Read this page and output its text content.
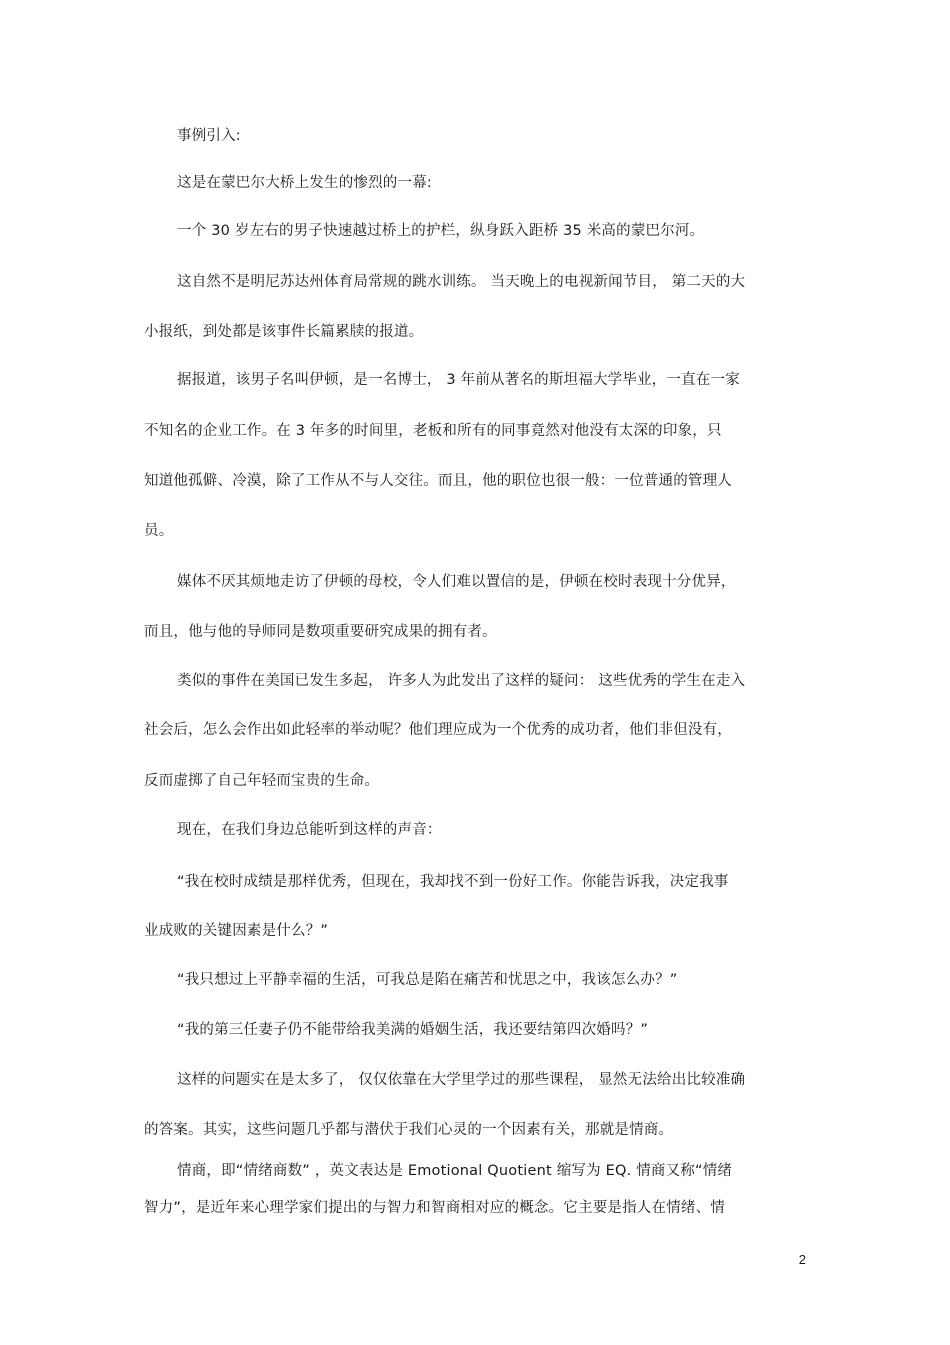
事例引入:
这是在蒙巴尔大桥上发生的惨烈的一幕:
一个 30 岁左右的男子快速越过桥上的护栏，纵身跃入距桥 35 米高的蒙巴尔河。
这自然不是明尼苏达州体育局常规的跳水训练。 当天晚上的电视新闻节目， 第二天的大
小报纸，到处都是该事件长篇累牍的报道。
据报道，该男子名叫伊顿，是一名博士， 3 年前从著名的斯坦福大学毕业，一直在一家
不知名的企业工作。在 3 年多的时间里，老板和所有的同事竟然对他没有太深的印象，只
知道他孤僻、冷漠，除了工作从不与人交往。而且，他的职位也很一般：一位普通的管理人
员。
媒体不厌其烦地走访了伊顿的母校，令人们难以置信的是，伊顿在校时表现十分优异，
而且，他与他的导师同是数项重要研究成果的拥有者。
类似的事件在美国已发生多起， 许多人为此发出了这样的疑问： 这些优秀的学生在走入
社会后，怎么会作出如此轻率的举动呢？他们理应成为一个优秀的成功者，他们非但没有，
反而虚掷了自己年轻而宝贵的生命。
现在，在我们身边总能听到这样的声音：
“我在校时成绩是那样优秀，但现在，我却找不到一份好工作。你能告诉我，决定我事
业成败的关键因素是什么？”
“我只想过上平静幸福的生活，可我总是陷在痛苦和忧思之中，我该怎么办？”
“我的第三任妻子仍不能带给我美满的婚姻生活，我还要结第四次婚吗？”
这样的问题实在是太多了， 仅仅依靠在大学里学过的那些课程， 显然无法给出比较准确
的答案。其实，这些问题几乎都与潜伏于我们心灵的一个因素有关，那就是情商。
情商，即“情绪商数” ，英文表达是 Emotional Quotient 缩写为 EQ. 情商又称“情绪
智力”，是近年来心理学家们提出的与智力和智商相对应的概念。它主要是指人在情绪、情
2
